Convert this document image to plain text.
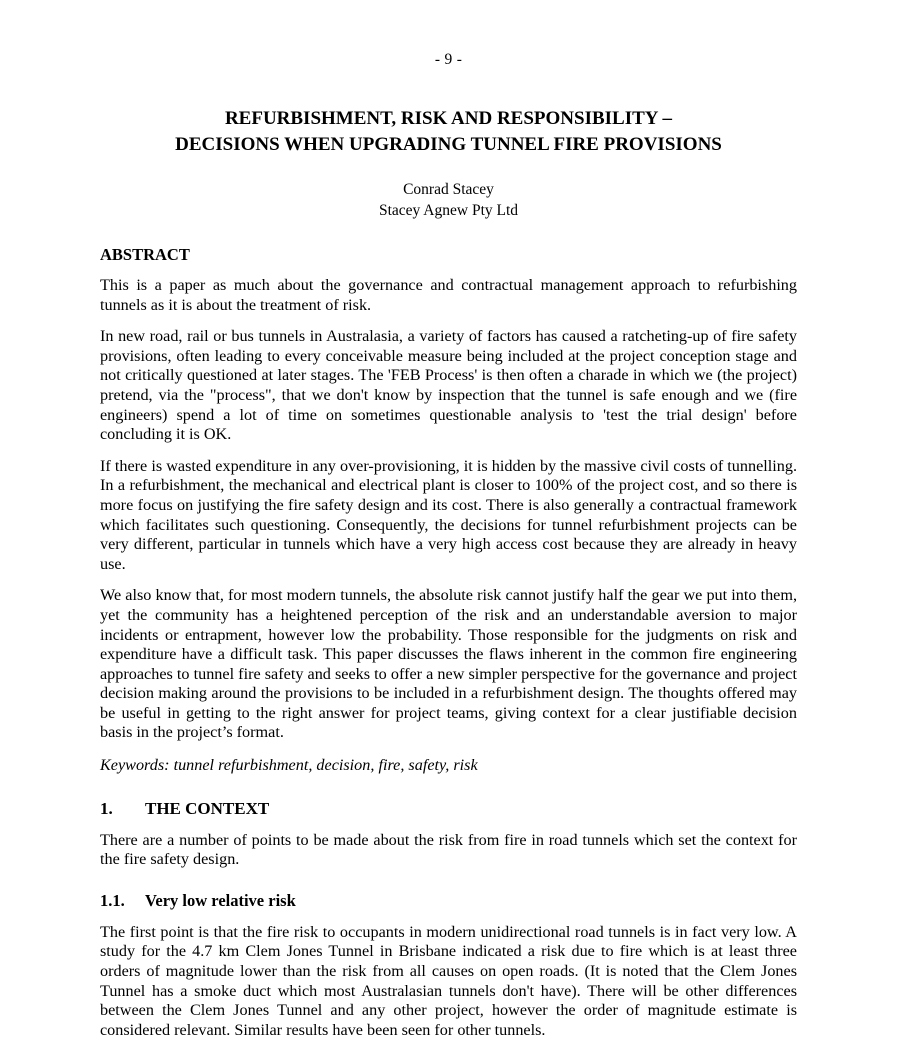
- 9 -
REFURBISHMENT, RISK AND RESPONSIBILITY –
DECISIONS WHEN UPGRADING TUNNEL FIRE PROVISIONS
Conrad Stacey
Stacey Agnew Pty Ltd
ABSTRACT

This is a paper as much about the governance and contractual management approach to refurbishing tunnels as it is about the treatment of risk.

In new road, rail or bus tunnels in Australasia, a variety of factors has caused a ratcheting-up of fire safety provisions, often leading to every conceivable measure being included at the project conception stage and not critically questioned at later stages. The 'FEB Process' is then often a charade in which we (the project) pretend, via the "process", that we don't know by inspection that the tunnel is safe enough and we (fire engineers) spend a lot of time on sometimes questionable analysis to 'test the trial design' before concluding it is OK.

If there is wasted expenditure in any over-provisioning, it is hidden by the massive civil costs of tunnelling. In a refurbishment, the mechanical and electrical plant is closer to 100% of the project cost, and so there is more focus on justifying the fire safety design and its cost. There is also generally a contractual framework which facilitates such questioning. Consequently, the decisions for tunnel refurbishment projects can be very different, particular in tunnels which have a very high access cost because they are already in heavy use.

We also know that, for most modern tunnels, the absolute risk cannot justify half the gear we put into them, yet the community has a heightened perception of the risk and an understandable aversion to major incidents or entrapment, however low the probability. Those responsible for the judgments on risk and expenditure have a difficult task. This paper discusses the flaws inherent in the common fire engineering approaches to tunnel fire safety and seeks to offer a new simpler perspective for the governance and project decision making around the provisions to be included in a refurbishment design. The thoughts offered may be useful in getting to the right answer for project teams, giving context for a clear justifiable decision basis in the project’s format.

Keywords: tunnel refurbishment, decision, fire, safety, risk
1.	THE CONTEXT

There are a number of points to be made about the risk from fire in road tunnels which set the context for the fire safety design.

1.1.	Very low relative risk

The first point is that the fire risk to occupants in modern unidirectional road tunnels is in fact very low. A study for the 4.7 km Clem Jones Tunnel in Brisbane indicated a risk due to fire which is at least three orders of magnitude lower than the risk from all causes on open roads. (It is noted that the Clem Jones Tunnel has a smoke duct which most Australasian tunnels don't have). There will be other differences between the Clem Jones Tunnel and any other project, however the order of magnitude estimate is considered relevant. Similar results have been seen for other tunnels.
